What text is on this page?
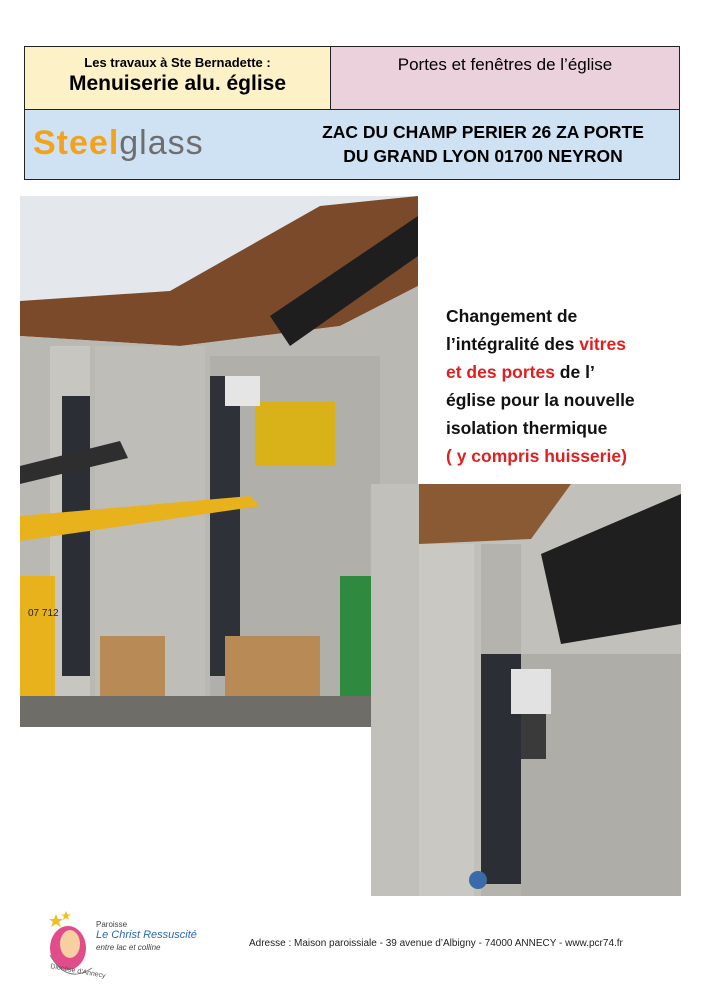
Les travaux à Ste Bernadette :
Menuiserie alu. église
Portes et fenêtres de l’église
Steelglass	ZAC DU CHAMP PERIER 26 ZA PORTE
DU GRAND LYON 01700 NEYRON
07 712
Changement de
l’intégralité des vitres
et des portes de l’
église pour la nouvelle
isolation thermique
( y compris huisserie)
Paroisse
Le Christ Ressuscité
entre lac et colline
Diocèse d'Annecy
Adresse : Maison paroissiale - 39 avenue d’Albigny - 74000 ANNECY - www.pcr74.fr
